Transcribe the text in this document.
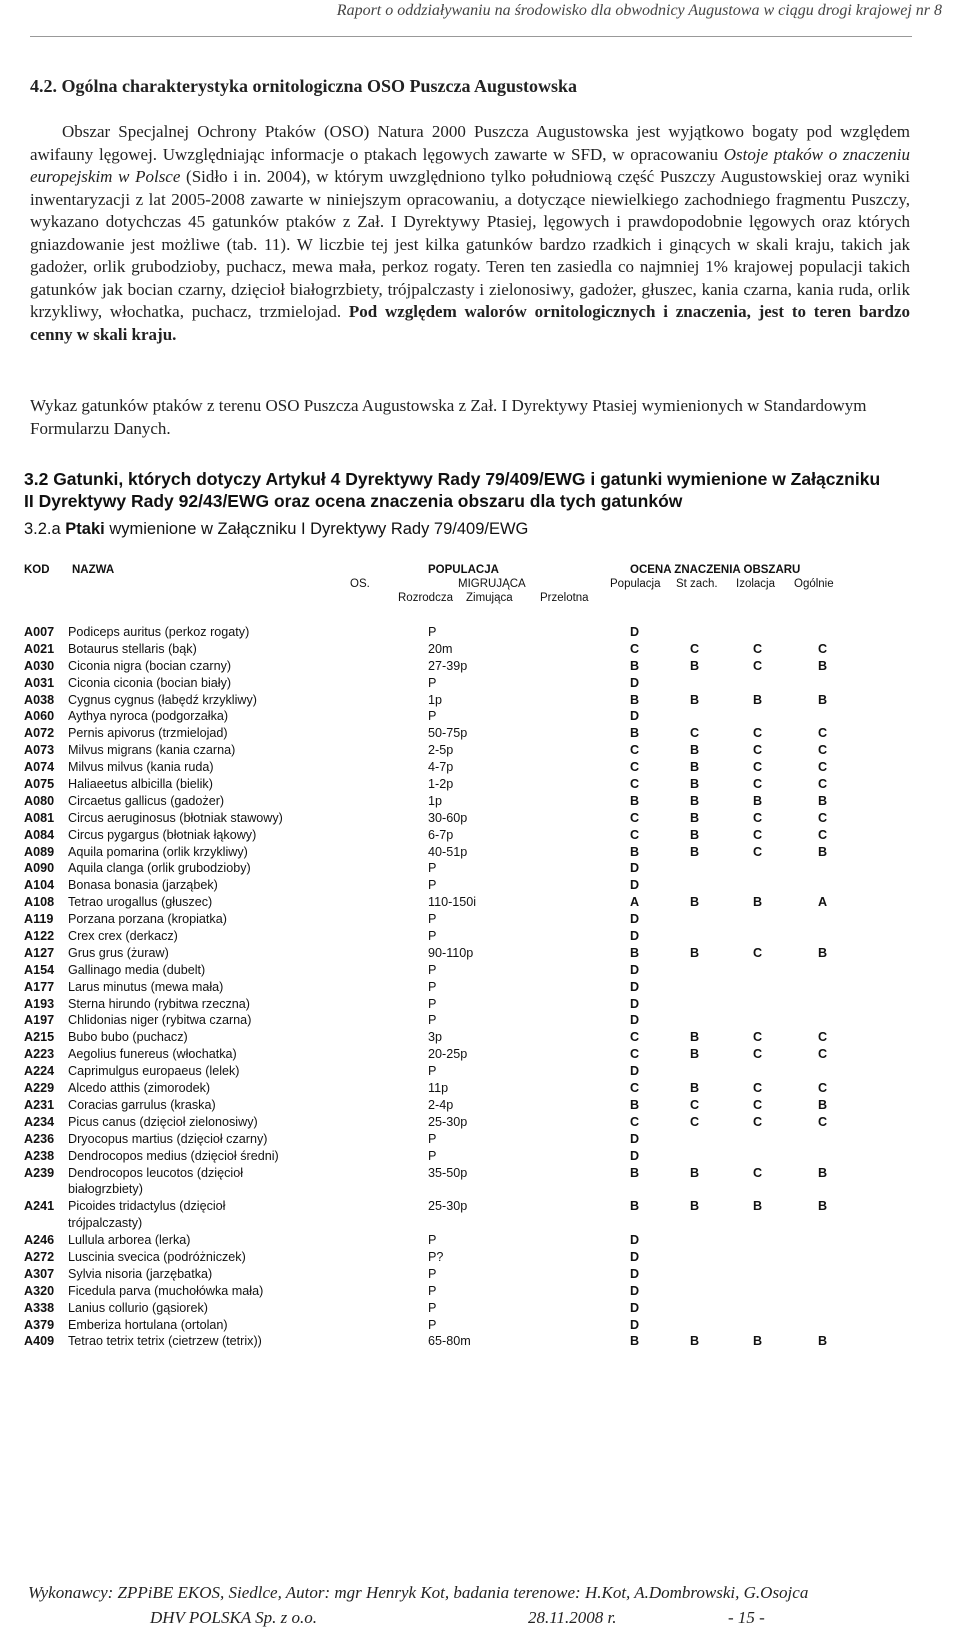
Raport o oddziaływaniu na środowisko dla obwodnicy Augustowa w ciągu drogi krajowej nr 8
4.2. Ogólna charakterystyka ornitologiczna OSO Puszcza Augustowska
Obszar Specjalnej Ochrony Ptaków (OSO) Natura 2000 Puszcza Augustowska jest wyjątkowo bogaty pod względem awifauny lęgowej. Uwzględniając informacje o ptakach lęgowych zawarte w SFD, w opracowaniu Ostoje ptaków o znaczeniu europejskim w Polsce (Sidło i in. 2004), w którym uwzględniono tylko południową część Puszczy Augustowskiej oraz wyniki inwentaryzacji z lat 2005-2008 zawarte w niniejszym opracowaniu, a dotyczące niewielkiego zachodniego fragmentu Puszczy, wykazano dotychczas 45 gatunków ptaków z Zał. I Dyrektywy Ptasiej, lęgowych i prawdopodobnie lęgowych oraz których gniazdowanie jest możliwe (tab. 11). W liczbie tej jest kilka gatunków bardzo rzadkich i ginących w skali kraju, takich jak gadożer, orlik grubodzioby, puchacz, mewa mała, perkoz rogaty. Teren ten zasiedla co najmniej 1% krajowej populacji takich gatunków jak bocian czarny, dzięcioł białogrzbiety, trójpalczasty i zielonosiwy, gadożer, głuszec, kania czarna, kania ruda, orlik krzykliwy, włochatka, puchacz, trzmielojad. Pod względem walorów ornitologicznych i znaczenia, jest to teren bardzo cenny w skali kraju.
Wykaz gatunków ptaków z terenu OSO Puszcza Augustowska z Zał. I Dyrektywy Ptasiej wymienionych w Standardowym Formularzu Danych.
3.2 Gatunki, których dotyczy Artykuł 4 Dyrektywy Rady 79/409/EWG i gatunki wymienione w Załączniku II Dyrektywy Rady 92/43/EWG oraz ocena znaczenia obszaru dla tych gatunków
3.2.a Ptaki wymienione w Załączniku I Dyrektywy Rady 79/409/EWG
KOD NAZWA	POPULACJA	OCENA ZNACZENIA OBSZARU
OS.	MIGRUJĄCA
Rozrodcza Zimująca Przelotna
Populacja St zach. Izolacja Ogólnie
A007 Podiceps auritus (perkoz rogaty)	P	D
A021 Botaurus stellaris (bąk)	20m	C	C	C	C
A030 Ciconia nigra (bocian czarny)	27-39p	B	B	C	B
A031 Ciconia ciconia (bocian biały)	P	D
A038 Cygnus cygnus (łabędź krzykliwy)	1p	B	B	B	B
A060 Aythya nyroca (podgorzałka)	P	D
A072 Pernis apivorus (trzmielojad)	50-75p	B	C	C	C
A073 Milvus migrans (kania czarna)	2-5p	C	B	C	C
A074 Milvus milvus (kania ruda)	4-7p	C	B	C	C
A075 Haliaeetus albicilla (bielik)	1-2p	C	B	C	C
A080 Circaetus gallicus (gadożer)	1p	B	B	B	B
A081 Circus aeruginosus (błotniak stawowy)	30-60p	C	B	C	C
A084 Circus pygargus (błotniak łąkowy)	6-7p	C	B	C	C
A089 Aquila pomarina (orlik krzykliwy)	40-51p	B	B	C	B
A090 Aquila clanga (orlik grubodzioby)	P	D
A104 Bonasa bonasia (jarząbek)	P	D
A108 Tetrao urogallus (głuszec)	110-150i	A	B	B	A
A119 Porzana porzana (kropiatka)	P	D
A122 Crex crex (derkacz)	P	D
A127 Grus grus (żuraw)	90-110p	B	B	C	B
A154 Gallinago media (dubelt)	P	D
A177 Larus minutus (mewa mała)	P	D
A193 Sterna hirundo (rybitwa rzeczna)	P	D
A197 Chlidonias niger (rybitwa czarna)	P	D
A215 Bubo bubo (puchacz)	3p	C	B	C	C
A223 Aegolius funereus (włochatka)	20-25p	C	B	C	C
A224 Caprimulgus europaeus (lelek)	P	D
A229 Alcedo atthis (zimorodek)	11p	C	B	C	C
A231 Coracias garrulus (kraska)	2-4p	B	C	C	B
A234 Picus canus (dzięcioł zielonosiwy)	25-30p	C	C	C	C
A236 Dryocopus martius (dzięcioł czarny)	P	D
A238 Dendrocopos medius (dzięcioł średni)	P	D
A239 Dendrocopos leucotos (dzięcioł białogrzbiety)
35-50p	B	B	C	B
A241 Picoides tridactylus (dzięcioł trójpalczasty)
25-30p	B	B	B	B
A246 Lullula arborea (lerka)	P	D
A272 Luscinia svecica (podróżniczek)	P?	D
A307 Sylvia nisoria (jarzębatka)	P	D
A320 Ficedula parva (muchołówka mała)	P	D
A338 Lanius collurio (gąsiorek)	P	D
A379 Emberiza hortulana (ortolan)	P	D
A409 Tetrao tetrix tetrix (cietrzew (tetrix))	65-80m	B	B	B	B
Wykonawcy: ZPPiBE EKOS, Siedlce, Autor: mgr Henryk Kot, badania terenowe: H.Kot, A.Dombrowski, G.Osojca
DHV POLSKA Sp. z o.o.	28.11.2008 r.	- 15 -
